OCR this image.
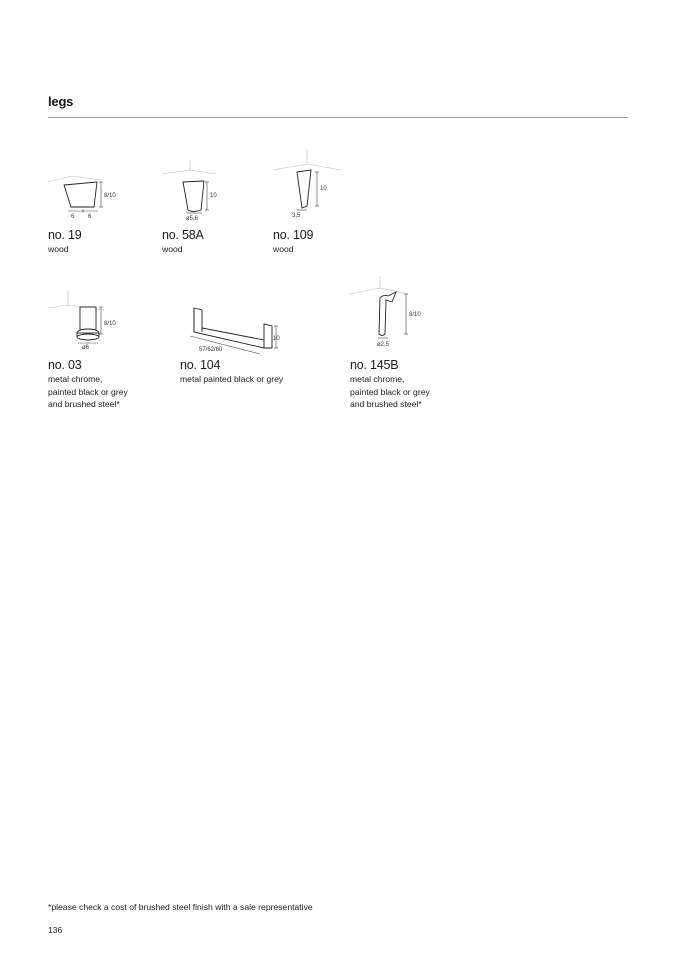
legs
8/10
6 6
no. 19
wood
10
ø5,6
no. 58A
wood
10
3,5
no. 109
wood
8/10
ø6
no. 03
metal chrome,
painted black or grey
and brushed steel*
10
57/62/80
no. 104
metal painted black or grey
8/10
ø2,5
no. 145B
metal chrome,
painted black or grey
and brushed steel*
*please check a cost of brushed steel finish with a sale representative
136
